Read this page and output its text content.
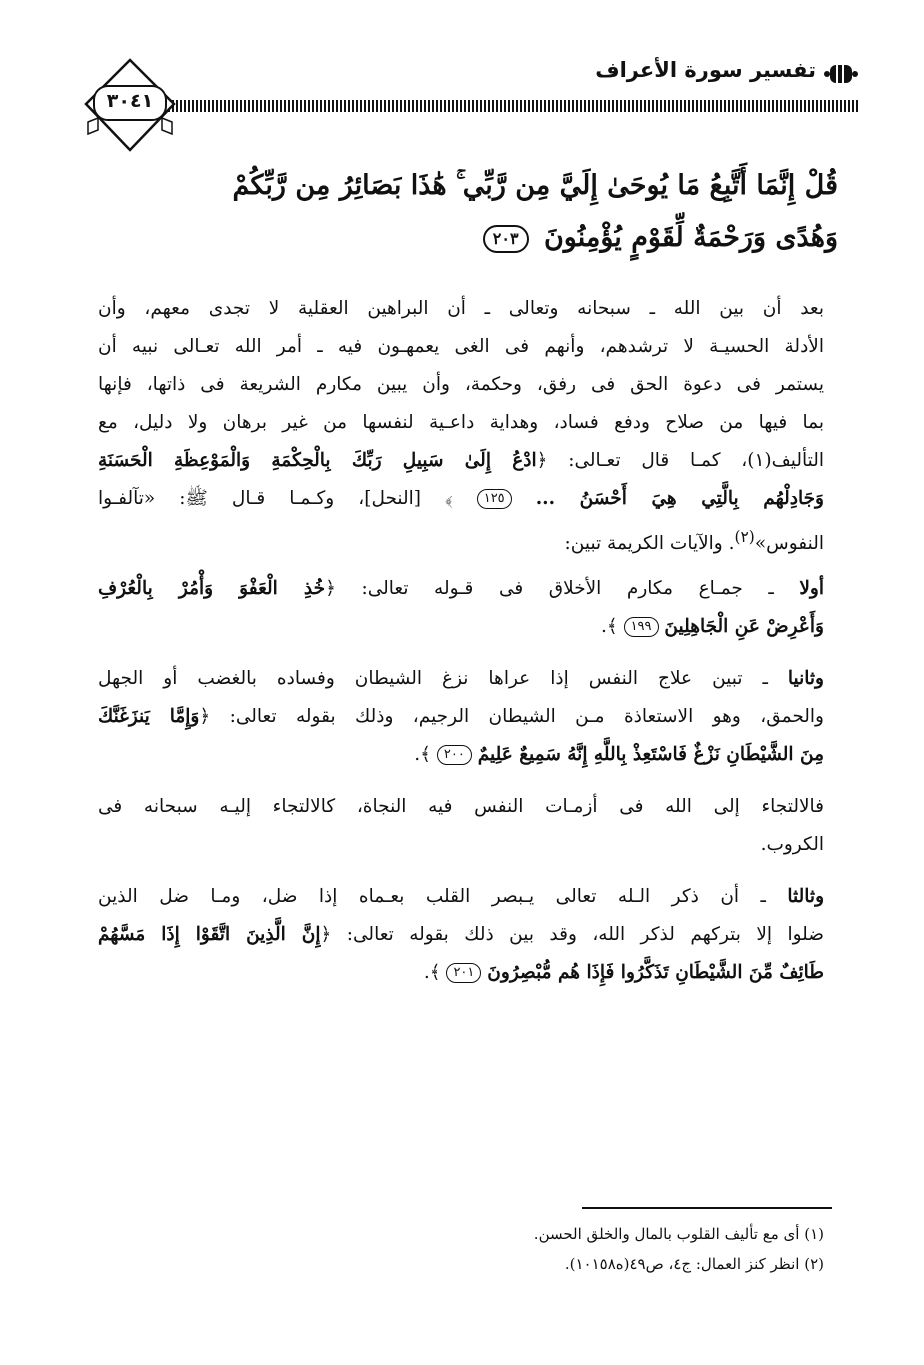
تفسير سورة الأعراف
٣٠٤١
قُلْ إِنَّمَا أَتَّبِعُ مَا يُوحَىٰ إِلَيَّ مِن رَّبِّي ۚ هَٰذَا بَصَائِرُ مِن رَّبِّكُمْ
وَهُدًى وَرَحْمَةٌ لِّقَوْمٍ يُؤْمِنُونَ ٢٠٣
بعد أن بين الله ـ سبحانه وتعالى ـ أن البراهين العقلية لا تجدى معهم، وأن
الأدلة الحسيـة لا ترشدهم، وأنهم فى الغى يعمهـون فيه ـ أمر الله تعـالى نبيه أن
يستمر فى دعوة الحق فى رفق، وحكمة، وأن يبين مكارم الشريعة فى ذاتها، فإنها
بما فيها من صلاح ودفع فساد، وهداية داعـية لنفسها من غير برهان ولا دليل، مع
التأليف(١)، كمـا قال تعـالى: ﴿ادْعُ إِلَىٰ سَبِيلِ رَبِّكَ بِالْحِكْمَةِ وَالْمَوْعِظَةِ الْحَسَنَةِ
وَجَادِلْهُم بِالَّتِي هِيَ أَحْسَنُ ... ١٢٥ ﴾ [النحل]، وكـمـا قـال ﷺ: «تآلفـوا
النفوس»$^{(٢)}$. والآيات الكريمة تبين:
أولا ـ جمـاع مكارم الأخلاق فى قـوله تعالى: ﴿خُذِ الْعَفْوَ وَأْمُرْ بِالْعُرْفِ
وَأَعْرِضْ عَنِ الْجَاهِلِينَ ١٩٩ ﴾.
وثانيا ـ تبين علاج النفس إذا عراها نزغ الشيطان وفساده بالغضب أو الجهل
والحمق، وهو الاستعاذة مـن الشيطان الرجيم، وذلك بقوله تعالى: ﴿وَإِمَّا يَنزَغَنَّكَ
مِنَ الشَّيْطَانِ نَزْغٌ فَاسْتَعِذْ بِاللَّهِ إِنَّهُ سَمِيعٌ عَلِيمٌ ٢٠٠ ﴾.
فالالتجاء إلى الله فى أزمـات النفس فيه النجاة، كالالتجاء إليـه سبحانه فى
الكروب.
وثالثا ـ أن ذكر الـله تعالى يـبصر القلب بعـماه إذا ضل، ومـا ضل الذين
ضلوا إلا بتركهم لذكر الله، وقد بين ذلك بقوله تعالى: ﴿إِنَّ الَّذِينَ اتَّقَوْا إِذَا مَسَّهُمْ
طَائِفٌ مِّنَ الشَّيْطَانِ تَذَكَّرُوا فَإِذَا هُم مُّبْصِرُونَ ٢٠١ ﴾.
(١) أى مع تأليف القلوب بالمال والخلق الحسن.
(٢) انظر كنز العمال: ج٤، ص٤٩(ه١٠١٥٨).
